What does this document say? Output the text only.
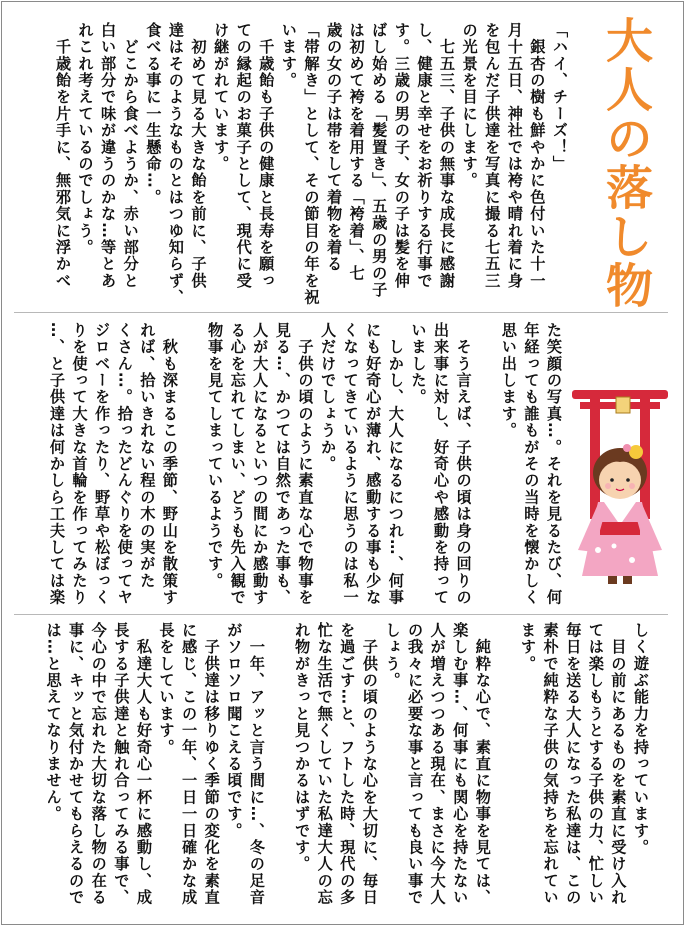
大人の落し物

「ハイ、チーズ！」

　銀杏の樹も鮮やかに色付いた十一

月十五日、神社では袴や晴れ着に身

を包んだ子供達を写真に撮る七五三

の光景を目にします。

　七五三、子供の無事な成長に感謝

し、健康と幸せをお祈りする行事で

す。三歳の男の子、女の子は髪を伸

ばし始める「髪置き」、五歳の男の子

は初めて袴を着用する「袴着」、七

歳の女の子は帯をして着物を着る

「帯解き」として、その節目の年を祝

います。

　千歳飴も子供の健康と長寿を願っ

ての縁起のお菓子として、現代に受

け継がれています。

　初めて見る大きな飴を前に、子供

達はそのようなものとはつゆ知らず、

食べる事に一生懸命…。

　どこから食べようか、赤い部分と

白い部分で味が違うのかな…等とあ

れこれ考えているのでしょう。

　千歳飴を片手に、無邪気に浮かべ

た笑顔の写真…。それを見るたび、何

年経っても誰もがその当時を懐かしく

思い出します。

　そう言えば、子供の頃は身の回りの

出来事に対し、好奇心や感動を持って

いました。

　しかし、大人になるにつれ…、何事

にも好奇心が薄れ、感動する事も少な

くなってきているように思うのは私一

人だけでしょうか。

　子供の頃のように素直な心で物事を

見る…、かつては自然であった事も、

人が大人になるといつの間にか感動す

る心を忘れてしまい、どうも先入観で

物事を見てしまっているようです。

　秋も深まるこの季節、野山を散策す

れば、拾いきれない程の木の実がた

くさん…。拾ったどんぐりを使ってヤ

ジロベーを作ったり、野草や松ぼっく

りを使って大きな首輪を作ってみたり

…、と子供達は何かしら工夫しては楽

しく遊ぶ能力を持っています。

　目の前にあるものを素直に受け入れ

ては楽しもうとする子供の力、忙しい

毎日を送る大人になった私達は、この

素朴で純粋な子供の気持ちを忘れてい

ます。

　純粋な心で、素直に物事を見ては、

楽しむ事…、何事にも関心を持たない

人が増えつつある現在、まさに今大人

の我々に必要な事と言っても良い事で

しょう。

　子供の頃のような心を大切に、毎日

を過ごす…と、フトした時、現代の多

忙な生活で無くしていた私達大人の忘

れ物がきっと見つかるはずです。

　一年、アッと言う間に…、冬の足音

がソロソロ聞こえる頃です。

　子供達は移りゆく季節の変化を素直

に感じ、この一年、一日一日確かな成

長をしています。

　私達大人も好奇心一杯に感動し、成

長する子供達と触れ合ってみる事で、

今心の中で忘れた大切な落し物の在る

事に、キッと気付かせてもらえるので

は…と思えてなりません。
